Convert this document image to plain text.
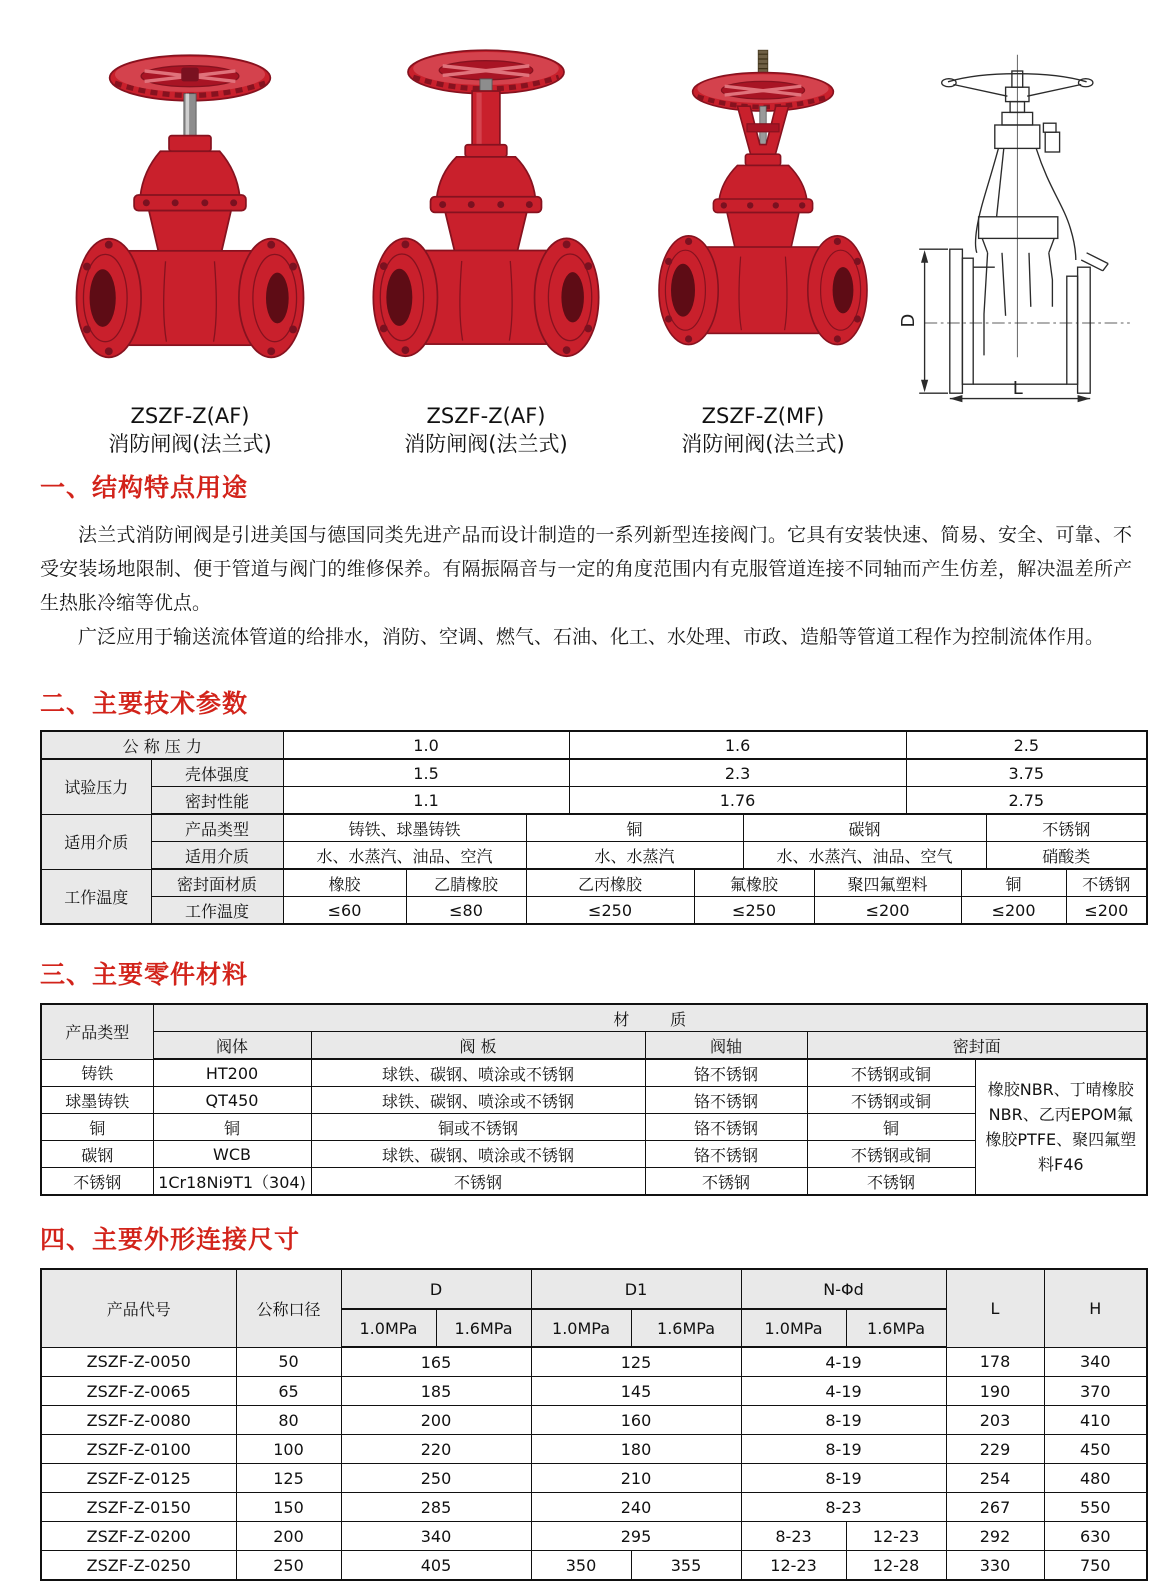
ZSZF-Z(AF)
消防闸阀(法兰式)
ZSZF-Z(AF)
消防闸阀(法兰式)
ZSZF-Z(MF)
消防闸阀(法兰式)
D
L
一、结构特点用途

法兰式消防闸阀是引进美国与德国同类先进产品而设计制造的一系列新型连接阀门。它具有安装快速、简易、安全、可靠、不受安装场地限制、便于管道与阀门的维修保养。有隔振隔音与一定的角度范围内有克服管道连接不同轴而产生仿差，解决温差所产生热胀冷缩等优点。

广泛应用于输送流体管道的给排水，消防、空调、燃气、石油、化工、水处理、市政、造船等管道工程作为控制流体作用。

二、主要技术参数
公 称 压 力		1.0			1.6				2.5			
试验压力	壳体强度	1.5			2.3				3.75			
	密封性能	1.1			1.76				2.75			
适用介质	产品类型	铸铁、球墨铸铁		铜			碳钢				不锈钢	
	适用介质	水、水蒸汽、油品、空汽		水、水蒸汽			水、水蒸汽、油品、空气				硝酸类	
工作温度	密封面材质	橡胶	乙腈橡胶	乙丙橡胶		氟橡胶		聚四氟塑料		铜		不锈钢
	工作温度	≤60	≤80	≤250		≤250		≤200		≤200		≤200
三、主要零件材料
产品类型	材        质				
	阀体	阀 板	阀轴	密封面	
铸铁	HT200	球铁、碳钢、喷涂或不锈钢	铬不锈钢	不锈钢或铜	橡胶NBR、丁晴橡胶NBR、乙丙EPOM氟橡胶PTFE、聚四氟塑料F46
球墨铸铁	QT450	球铁、碳钢、喷涂或不锈钢	铬不锈钢	不锈钢或铜	
铜	铜	铜或不锈钢	铬不锈钢	铜	
碳钢	WCB	球铁、碳钢、喷涂或不锈钢	铬不锈钢	不锈钢或铜	
不锈钢	1Cr18Ni9T1（304)	不锈钢	不锈钢	不锈钢	
四、主要外形连接尺寸
产品代号	公称口径	D		D1		N-Φd		L	H
		1.0MPa	1.6MPa	1.0MPa	1.6MPa	1.0MPa	1.6MPa		
ZSZF-Z-0050	50	165		125		4-19		178	340
ZSZF-Z-0065	65	185		145		4-19		190	370
ZSZF-Z-0080	80	200		160		8-19		203	410
ZSZF-Z-0100	100	220		180		8-19		229	450
ZSZF-Z-0125	125	250		210		8-19		254	480
ZSZF-Z-0150	150	285		240		8-23		267	550
ZSZF-Z-0200	200	340		295		8-23	12-23	292	630
ZSZF-Z-0250	250	405		350	355	12-23	12-28	330	750
